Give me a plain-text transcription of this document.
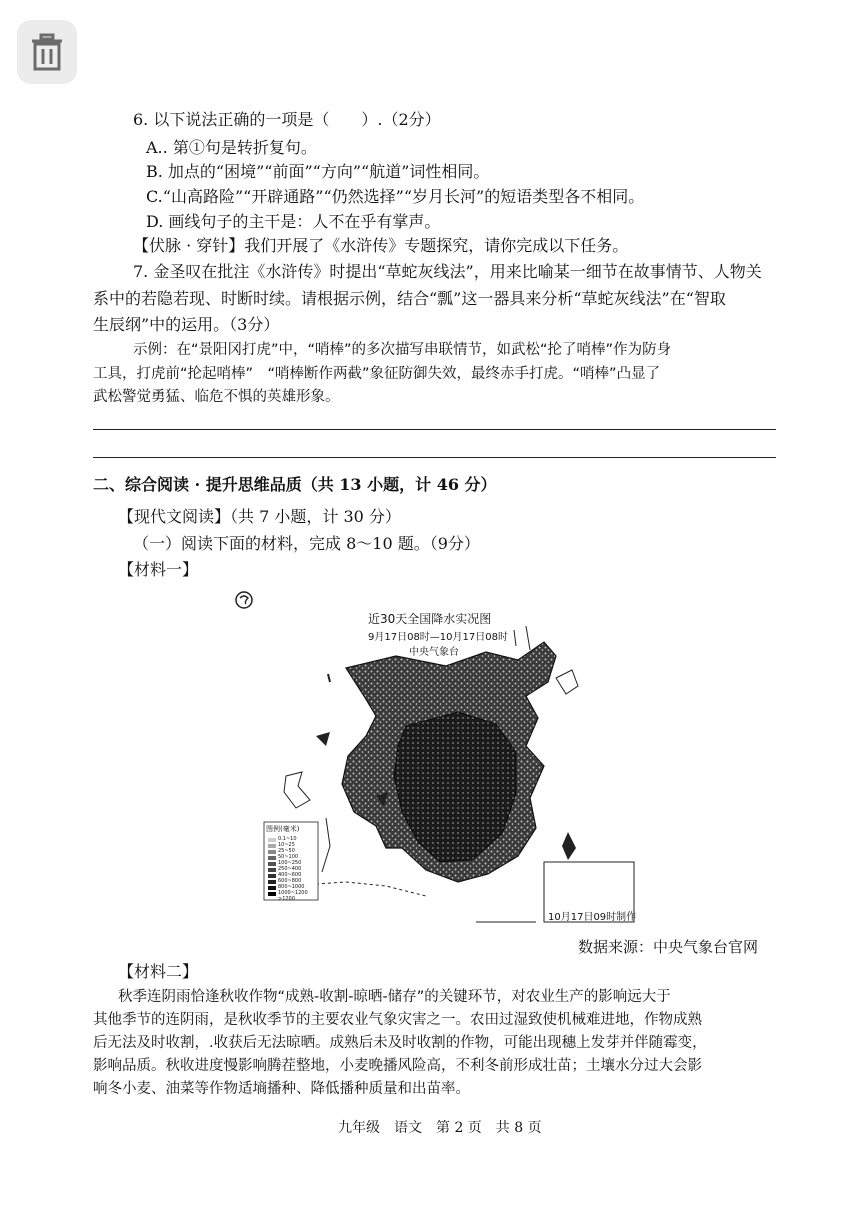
6. 以下说法正确的一项是（　　）.（2分）
A.. 第①句是转折复句。
B. 加点的“困境”“前面”“方向”“航道”词性相同。
C.“山高路险”“开辟通路”“仍然选择”“岁月长河”的短语类型各不相同。
D. 画线句子的主干是：人不在乎有掌声。
【伏脉 · 穿针】我们开展了《水浒传》专题探究，请你完成以下任务。
7. 金圣叹在批注《水浒传》时提出“草蛇灰线法”，用来比喻某一细节在故事情节、人物关
系中的若隐若现、时断时续。请根据示例，结合“瓢”这一器具来分析“草蛇灰线法”在“智取
生辰纲”中的运用。（3分）
示例：在“景阳冈打虎”中，“哨棒”的多次描写串联情节，如武松“抡了哨棒”作为防身
工具，打虎前“抡起哨棒”　“哨棒断作两截”象征防御失效，最终赤手打虎。“哨棒”凸显了
武松警觉勇猛、临危不惧的英雄形象。
二、综合阅读 · 提升思维品质（共 13 小题，计 46 分）
【现代文阅读】（共 7 小题，计 30 分）
（一）阅读下面的材料，完成 8～10 题。（9分）
【材料一】
近30天全国降水实况图
9月17日08时—10月17日08时
中央气象台
图例(毫米)
0.1~10
10~25
25~50
50~100
100~250
250~400
400~600
600~800
800~1000
1000~1200
>1200
10月17日09时制作
数据来源：中央气象台官网
【材料二】
秋季连阴雨恰逢秋收作物“成熟-收割-晾晒-储存”的关键环节，对农业生产的影响远大于
其他季节的连阴雨，是秋收季节的主要农业气象灾害之一。农田过湿致使机械难进地，作物成熟
后无法及时收割，.收获后无法晾晒。成熟后未及时收割的作物，可能出现穗上发芽并伴随霉变，
影响品质。秋收进度慢影响腾茬整地，小麦晚播风险高，不利冬前形成壮苗；土壤水分过大会影
响冬小麦、油菜等作物适墒播种、降低播种质量和出苗率。
九年级　语文　第 2 页　共 8 页
